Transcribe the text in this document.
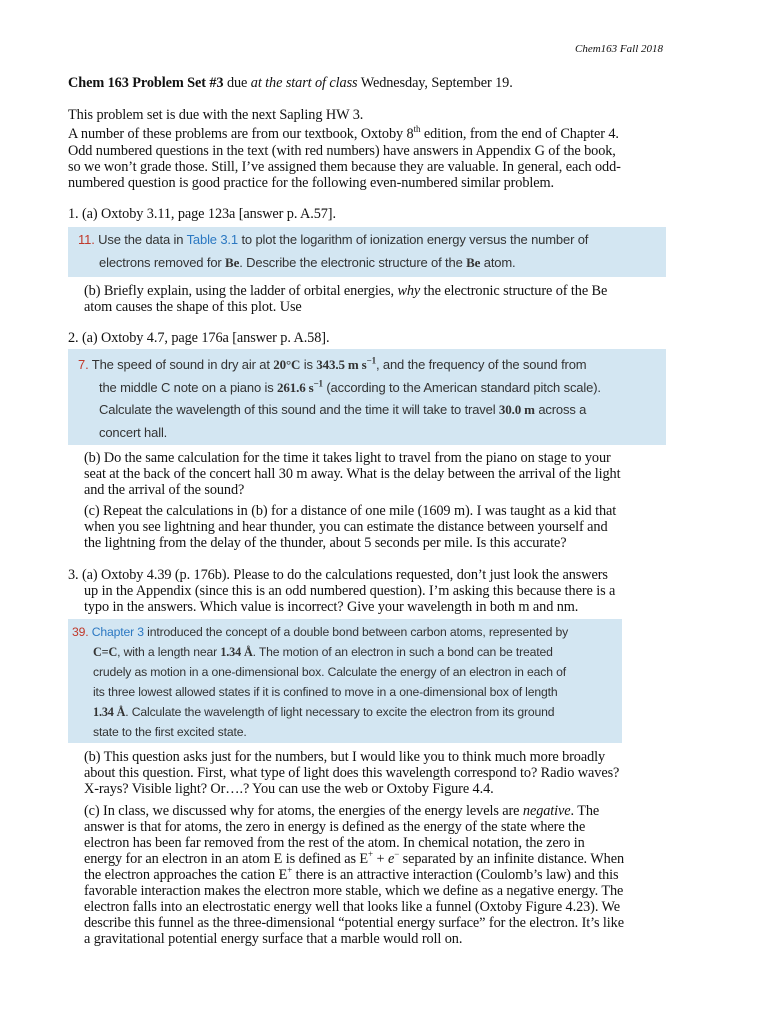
Chem163 Fall 2018
Chem 163 Problem Set #3 due at the start of class Wednesday, September 19.
This problem set is due with the next Sapling HW 3.
A number of these problems are from our textbook, Oxtoby 8th edition, from the end of Chapter 4.
Odd numbered questions in the text (with red numbers) have answers in Appendix G of the book,
so we won’t grade those. Still, I’ve assigned them because they are valuable. In general, each odd-
numbered question is good practice for the following even-numbered similar problem.
1. (a) Oxtoby 3.11, page 123a [answer p. A.57].
11. Use the data in Table 3.1 to plot the logarithm of ionization energy versus the number of
electrons removed for Be. Describe the electronic structure of the Be atom.
(b) Briefly explain, using the ladder of orbital energies, why the electronic structure of the Be
atom causes the shape of this plot. Use
2. (a) Oxtoby 4.7, page 176a [answer p. A.58].
7. The speed of sound in dry air at 20°C is 343.5 m $s^{-1}$, and the frequency of the sound from
the middle C note on a piano is 261.6 $s^{-1}$ (according to the American standard pitch scale).
Calculate the wavelength of this sound and the time it will take to travel 30.0 m across a
concert hall.
(b) Do the same calculation for the time it takes light to travel from the piano on stage to your
seat at the back of the concert hall 30 m away. What is the delay between the arrival of the light
and the arrival of the sound?
(c) Repeat the calculations in (b) for a distance of one mile (1609 m). I was taught as a kid that
when you see lightning and hear thunder, you can estimate the distance between yourself and
the lightning from the delay of the thunder, about 5 seconds per mile. Is this accurate?
3. (a) Oxtoby 4.39 (p. 176b). Please to do the calculations requested, don’t just look the answers
up in the Appendix (since this is an odd numbered question). I’m asking this because there is a
typo in the answers. Which value is incorrect? Give your wavelength in both m and nm.
39. Chapter 3 introduced the concept of a double bond between carbon atoms, represented by
C=C, with a length near 1.34 Å. The motion of an electron in such a bond can be treated
crudely as motion in a one-dimensional box. Calculate the energy of an electron in each of
its three lowest allowed states if it is confined to move in a one-dimensional box of length
1.34 Å. Calculate the wavelength of light necessary to excite the electron from its ground
state to the first excited state.
(b) This question asks just for the numbers, but I would like you to think much more broadly
about this question. First, what type of light does this wavelength correspond to? Radio waves?
X-rays? Visible light? Or….? You can use the web or Oxtoby Figure 4.4.
(c) In class, we discussed why for atoms, the energies of the energy levels are negative. The
answer is that for atoms, the zero in energy is defined as the energy of the state where the
electron has been far removed from the rest of the atom. In chemical notation, the zero in
energy for an electron in an atom E is defined as E+ + e− separated by an infinite distance. When
the electron approaches the cation E+ there is an attractive interaction (Coulomb’s law) and this
favorable interaction makes the electron more stable, which we define as a negative energy. The
electron falls into an electrostatic energy well that looks like a funnel (Oxtoby Figure 4.23). We
describe this funnel as the three-dimensional “potential energy surface” for the electron. It’s like
a gravitational potential energy surface that a marble would roll on.
